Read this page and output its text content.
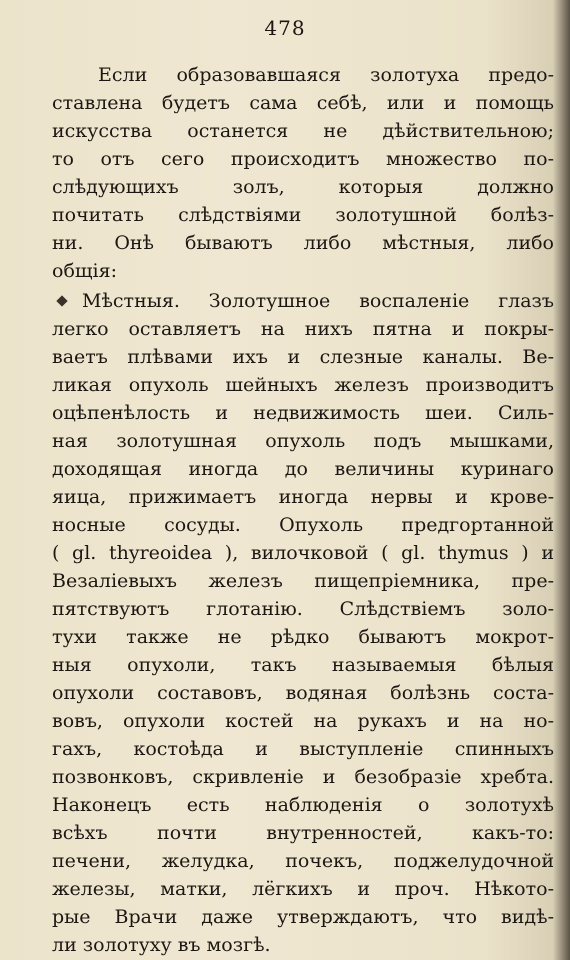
478
Если образовавшаяся золотуха предо-
ставлена будетъ сама себѣ, или и помощь
искусства останется не дѣйствительною;
то отъ сего происходитъ множество по-
слѣдующихъ золъ, которыя должно
почитать слѣдствіями золотушной болѣз-
ни. Онѣ бываютъ либо мѣстныя, либо
общія:
Мѣстныя. Золотушное воспаленіе глазъ
легко оставляетъ на нихъ пятна и покры-
ваетъ плѣвами ихъ и слезные каналы. Ве-
ликая опухоль шейныхъ железъ производитъ
оцѣпенѣлость и недвижимость шеи. Силь-
ная золотушная опухоль подъ мышками,
доходящая иногда до величины куринаго
яица, прижимаетъ иногда нервы и крове-
носные сосуды. Опухоль предгортанной
( gl. thyreoidea ), вилочковой ( gl. thymus ) и
Везаліевыхъ железъ пищепріемника, пре-
пятствуютъ глотанію. Слѣдствіемъ золо-
тухи также не рѣдко бываютъ мокрот-
ныя опухоли, такъ называемыя бѣлыя
опухоли составовъ, водяная болѣзнь соста-
вовъ, опухоли костей на рукахъ и на но-
гахъ, костоѣда и выступленіе спинныхъ
позвонковъ, скривленіе и безобразіе хребта.
Наконецъ есть наблюденія о золотухѣ
всѣхъ почти внутренностей, какъ-то:
печени, желудка, почекъ, поджелудочной
железы, матки, лёгкихъ и проч. Нѣкото-
рые Врачи даже утверждаютъ, что видѣ-
ли золотуху въ мозгѣ.
